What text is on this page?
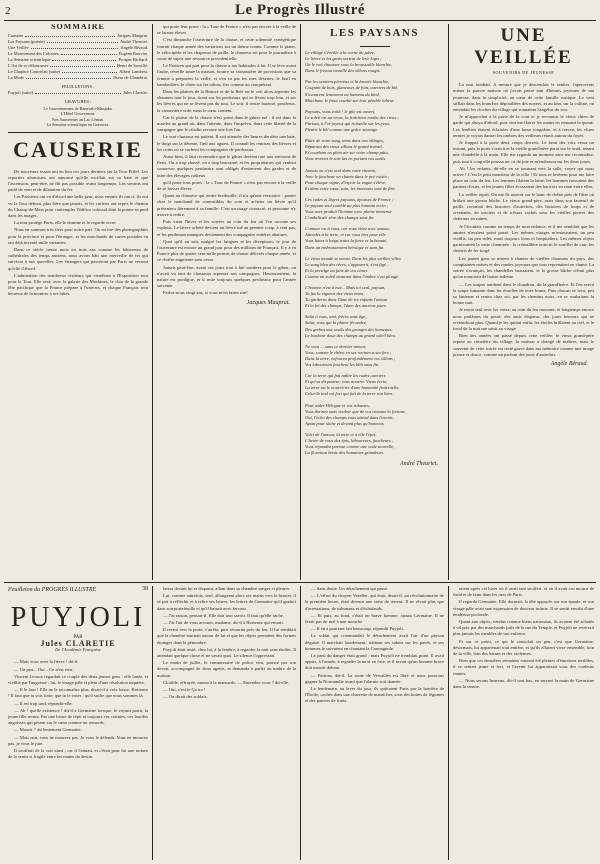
2	Le Progrès Illustré
SOMMAIRE
Causerie	Jacques Mauprat.
Les Paysans (poésie)	André Theuriet.
Une Veillée	Angèle Béraud.
Le Mouvement des Colonies	Eugène Bouvier.
La Semaine scientifique	Prosper Richard.
L'Art de se débarrasser	Henri de Sarville.
Le Chapitre Contrefait (suite)	Albert Landrest.
La Mode	Ilseur de Chambrai.
FEUILLETONS :
Puyjoli (suite)	Jules Claretie.
GRAVURES :
Le Gouvernement de Ranavalo-Manjaka.
L'Hôtel Gouverneur.
Nos Sauveteurs au Lac Léman.
La Semaine scientifique en Gravures.
CAUSERIE

De nouveaux essais ont eu lieu ces jours derniers sur la Tour Eiffel. Les reporters alarmistes ont annoncé qu'elle oscillait sur sa base et que l'ascension, peut-être, ne fût pas possible avant longtemps. Les savants ont parlé de vent et de dilatation du fer.

Les Parisiens ont eu d'abord une belle peur, mais ensuite ils ont ri; ils ont vu la Tour debout, plus fière que jamais, et les curieux ont repris le chemin du Champ-de-Mars pour contempler l'édifice colossal dont la pointe se perd dans les nuages.

La tour protège Paris, elle le domine et le regarde vivre.

Nous en sommes très fiers pour notre part. On en tire des photographies pour la province et pour l'étranger, et les marchands de cartes postales en ont déjà inventé mille variantes.

Dans ce siècle trente mois en trois ans comme les bâtisseurs de cathédrales des temps anciens, nous avons bâti une merveille de fer qui survivra à nos querelles. Les étrangers qui passeront par Paris ne verront qu'elle d'abord.

L'admiration des nombreux visiteurs qui viendront à l'Exposition sera pour la Tour. Elle sera, avec la galerie des Machines, le clou de la grande fête pacifique que la France prépare à l'univers, et chaque Français sera heureux de la montrer à ses hôtes.

qui porte leur poser : la « Tour de France » n'est pas encore à la veille de se laisser élever.

C'est dimanche l'ouverture de la chasse, et cette solennité cynégétique fournit chaque année des variations sur un thème connu. Comme le piano, le vélocipède et les chapeaux de paille, le chasseur est pour le journaliste à court de sujets une ressource providentielle.

Le Parisien qui part pour la chasse a ses habitudes à lui. Il se lève avant l'aube, réveille toute la maison, bourre sa carnassière de provisions que sa femme a préparées la veille, et s'en va par les rues désertes, le fusil en bandoulière, le chien sur les talons, fier comme un conquérant.

Dans les plaines de la Beauce et de la Brie on le voit alors arpenter les chaumes tout le jour, tirant sur les perdreaux qui se lèvent trop loin, et sur les lièvres qui ne se lèvent pas du tout. Le soir, il rentre harassé, poudreux, la carnassière vide, mais le cœur content.

Car le plaisir de la chasse n'est point dans le gibier tué : il est dans la marche au grand air, dans l'attente, dans l'imprévu, dans cette liberté de la campagne que le citadin savoure une fois l'an.

Le vrai chasseur est patient. Il sait attendre des heures derrière une haie, le doigt sur la détente, l'œil aux aguets. Il connaît les remises des lièvres et les coins où se cachent les compagnies de perdreaux.

Aussi bien, il faut reconnaître que le gibier devient rare aux environs de Paris. On a trop chassé, on a trop braconné; et les propriétaires qui veulent conserver quelques perdreaux sont obligés d'entretenir des gardes et de faire des élevages coûteux.

qu'il porte tous poses : la « Tour de France » n'est pas encore à la veille de se laisser élever.

Quant au chasseur qui rentre bredouille, il n'a qu'une ressource : passer chez le marchand de comestibles du coin et acheter un lièvre qu'il présentera fièrement à sa famille. C'est un usage consacré, et personne n'y trouve à redire.

Puis vient l'hiver et les soirées au coin du feu où l'on raconte ses exploits. Le lièvre acheté devient un lièvre tué au premier coup, à cent pas, et les perdreaux manqués deviennent des compagnies entières abattues.

Quoi qu'il en soit, malgré les fatigues et les déceptions, le jour de l'ouverture est encore un grand jour pour des millions de Français. Il y a en France plus de quatre cent mille permis de chasse délivrés chaque année, et ce chiffre augmente sans cesse.

Jamais peut-être, avant ces jours tout à fait sombres pour le gibier, on n'avait vu tant de chasseurs arpenter nos campagnes. Heureusement, la nature est prodigue, et il reste toujours quelques perdreaux pour l'année suivante.

Parlez-nous vingt ans, si vous m'en faites rire!

Jacques Mauprat.
LES PAYSANS
Le village s'éveille à la corne du pâtre,
Le lièvre et les geais sortent de leur logis ;
On le voit chausser sous la broussaille blanchie,
Dans le frisson mouillé des sillons rougis.
Par les sentiers pierreux et la brouée blanchie,
Coupant de bois, glaneuses de foin, ouvriers de blé,
S'avancent lentement au hameau du bled,
Marchant, le front courbé sur leur pénible labeur.
Paysans, vous voilà ! le gîte est ouvert,
Le soleil est au vieux, la fraîcheur tombe des cieux ;
Partout, à l'or joyeux qui ruisselle sur les yeux,
Fleurit le blé comme une grâce sauvage.
Pâtre de votre sang, amis dans nos villages,
Réparant des vieux sillons le grand travail,
Et courbant en plein air sur votre champ pâtu,
Vous revenez le soir las en portant vos outils.
Jamais on n'est seul dans votre chemin,
Avec le faucheur on chante dans le pré voisin ;
Pour chaque vigne, d'espoir la vague s'élève,
Et dans votre cœur, sain, les moissons sont de fête.
Ces rudes et légers paysans, épouses de France ;
Le paysan seul comblé au plus lointain écrin ;
Vous avez produit l'homme avec plaine immense
L'ombilicale sève des champs sans fin.
L'amour est à vous, car vous vivez avec amour,
Attendez à la terre, et car vous êtes pour elle.
Vous luttez à longs traits la force et la beauté,
Dans un embrassement héroïque et sans fin.
Le vieux monde se meurt. Dans les plus vieilles villes
Le sang bleu des rêves, s'appauvrit, s'est figé ;
Et la prestige au faite de ces cimes
Comme un soleil mourant dans l'ombre s'est plongé.
L'homme n'est à eux... Mais toi seul, paysan,
Tu fus la vigueur des vieux murs,
Tu garderas dans l'âme de tes enfants l'amour
Et la foi des champs, l'âme des anciens jours.
Salut à vous, ami, frères sans âge,
Salut, vous qui la plaine fécondez,
Des gerbes aux seuils des granges des hameaux,
Le bonheur doux des champs au grand soleil bleu.
Ne vous ... sans ce dernier amour,
Vous, comme le chêne en ses racines a ses fers ;
Dans la terre, enfoncez profondément vos sillons ;
Vos laboureurs fauchent les blés sans fin.
Car la terre qui fait naître les rudes ouvriers
Et qu'on dit pauvre, vous nourrit. Vieux écrin,
La terre est le nourricier d'une humanité fraternelle,
Celui-là seul est fort qui fait de la terre son bien.
Pour aider Hélogue et vos robustes,
Vous dormez sans vouloir que de vos travaux la fortune,
Oui, l'écho des champs vous attend dans l'avenir,
Ayant pour tâche et devant plus qu'honneur,
Voici de l'amour, la terre et à elle l'épis,
L'heure de vous des épis, laboureurs, faucheurs ;
Vous répandez partout comme une onde nouvelle,
La floraison bénie des humaines grandeurs.
André Theuriet.
UNE VEILLÉE
SOUVENIRS DE JEUNESSE

La nuit tombait. A mesure que je descendais le sentier, l'apercevais mieux la pauvre maison où j'avais passé tant d'heures joyeuses de ma jeunesse, dans la simplicité, au cœur de cette famille rustique. Le vent sifflait dans les branches dépouillées des noyers, et au loin, sur la colline, on entendait les cloches du village qui sonnaient l'angélus du soir.

Je m'approchai à la porte de la cour et je reconnus le vieux chien de garde qui aboya d'abord, puis vint me flairer les mains en remuant la queue. Les fenêtres étaient éclairées d'une lueur rougeâtre, et à travers les vitres ternies je voyais danser les ombres des veilleurs réunis autour du foyer.

Je frappai à la porte deux coups discrets. Le bruit des voix cessa un instant, puis la porte s'ouvrit et la vieille grand'mère parut sur le seuil, tenant une chandelle à la main. Elle me regarda un moment sans me reconnaître, puis tout à coup elle poussa un cri de joie et m'embrassa sur les deux joues.

Ah ! les enfants, dit-elle en se tournant vers la salle, voyez qui nous arrive ! C'est le petit monsieur de la ville ! Et tous se levèrent pour me faire place au coin du feu. Les femmes filaient la laine, les hommes tressaient des paniers d'osier, et les jeunes filles écossaient des haricots en riant entre elles.

La veillée reprit. On me fit asseoir sur le banc de chêne près de l'âtre où brûlait une grosse bûche. Le vieux grand-père, assis dans son fauteuil de paille, racontait des histoires d'autrefois, des histoires de loups et de revenants, de sorciers et de trésors cachés sous les vieilles pierres des châteaux en ruines.

Je l'écoutais comme au temps de mon enfance, et il me semblait que les années n'avaient point passé. Les mêmes visages m'entouraient, un peu vieillis, un peu ridés, mais toujours bons et hospitaliers. Les mêmes objets garnissaient la vaste cheminée : la crémaillère noircie, le soufflet de cuir, les chenets de fer forgé.

Les jeunes gens se mirent à chanter de vieilles chansons du pays, des complaintes naïves et des rondes joyeuses que tous reprenaient en chœur. La soirée s'avançait, les chandelles baissaient, et la grosse bûche n'était plus qu'un monceau de braise ardente.

— Les soupes tombent dans le chaudron, dit la grand'mère. Et l'on servit la soupe fumante dans les écuelles de terre brune. Puis chacun se leva, prit sa lanterne et rentra chez soi, par les chemins noirs, en se souhaitant la bonne nuit.

Je restai seul avec les vieux, au coin du feu mourant, et longtemps encore nous parlâmes du passé, des amis disparus, des jours heureux qui ne reviendront plus. Quand je les quittai enfin, les étoiles brillaient au ciel, et le froid de la nuit me saisit au visage.

Bien des années ont passé depuis cette veillée; le vieux grand-père repose au cimetière du village, la maison a changé de maîtres, mais le souvenir de cette soirée est resté gravé dans ma mémoire comme une image pieuse et douce, comme un parfum des jours d'autrefois.

Angèle Béraud.
Feuilleton du PROGRÈS ILLUSTRÉ	38
PUYJOLI
PAR
Jules CLARETIE
De l'Académie Française

— Mais vous avez la fièvre ! dit-il.

— Un peu... Oui... Ce n'est rien.

Vincent Leroux regardait ce couple des deux jeunes gens : elle fanée, et vieillie par l'angoisse ; lui, le visage pâle et plein d'une résolution inquiète.

— Il le faut ! Elle ne le reconnaîtra plus, disait-il à voix basse. Hortense ! Il faut que tu sois forte, que tu le voies ; qu'il sache que nous sommes là.

— Il est trop tard, répondit-elle.

— Ah ! quelle existence ! dit-il à Germaine lorsque, le voyant partir, la jeune fille rentra. Pas une heure de répit et toujours ces craintes, ces lourdes angoisses qui pèsent sur le cœur comme un remords.

— Mourir ? dit lentement Germaine.

— Mais non, vous ne mourrez pas. Je vous le défends. Vous ne mourrez pas, je vous le jure.

Il souffrait de la voir ainsi ; car il l'aimait, et c'était pour lui une torture de la sentir si fragile entre les mains du destin.

laissa devant lui et disparut, allant dans sa chambre songer et pleurer.

Lui, comme autrefois, seul, allongeant alors ses mains vers le brasier, il se prit à réfléchir et à relire ses lettres, les lettres de Germaine qu'il gardait dans son portefeuille et qu'il baisait avec ferveur.

— J'ai raison, pensait-il. Elle doit tout savoir. Il faut qu'elle sache.

— J'ai l'air de vous accuser, madame, dit-il à Hortense qui entrait.

Il revint vers la porte, s'arrêta, puis retourna près du feu. Il lui semblait que la chambre tournait autour de lui et que les objets prenaient des formes étranges dans la pénombre.

Puyjoli était resté, chez lui, à la fenêtre, à regarder la nuit sans étoiles. Il attendait quelque chose et ne savait quoi. Le silence l'oppressait.

Le matin de juillet, le commissaire de police vint, poussé par son devoir, accompagné de deux agents, et demanda à parler au maître de la maison.

Clotilde, effrayée, monta à la mansarde. — Entendez-vous ? dit-elle.

— Oui, c'est le Ça ira !

— On dirait des soldats.

— Sans doute. Un détachement qui passe.

— L'effroi du citoyen Vezelier, qui était, disait-il, un révolutionnaire de la première heure, était devenu une sorte de terreur. Il ne rêvait plus que d'arrestations, de tribunaux et d'échafauds.

— Et puis, au fond, c'était un brave homme, ajouta Germaine. Il ne ferait pas de mal à une mouche.

— Il en a pourtant fait beaucoup, répondit Puyjoli.

Le soldat qui commandait le détachement avait l'air d'un paysan déguisé. Il marchait lourdement, traînant ses sabots sur les pavés, et ses hommes le suivaient en chantant la Carmagnole.

Le parti du danger était grand ; mais Puyjoli ne tremblait point. Il avait appris, à l'armée, à regarder la mort en face, et il savait qu'un homme brave doit mourir debout.

— Partons, dit-il. La route de Versailles est libre et nous pourrons gagner la Normandie avant que l'alarme soit donnée.

Le lendemain, au lever du jour, ils quittaient Paris par la barrière de l'Étoile, cachés dans une charrette de maraîcher, sous des bottes de légumes et des paniers de fruits.

taient après cet hiver où il avait tant souffert, et où il avait cru mourir de froid et de faim dans les rues de Paris.

Il regarda Germaine. Elle dormait, la tête appuyée sur son épaule, et son visage pâle avait une expression de douceur infinie. Il se sentit envahi d'une tendresse profonde.

Quant aux objets, vendus comme biens nationaux, ils avaient été achetés à vil prix par des marchands juifs de la rue du Temple, et Puyjoli ne reverrait plus jamais les meubles de son enfance.

Et sur ce point, ce qui le consolait un peu, c'est que Germaine, désormais, lui appartenait tout entière, et qu'ils allaient vivre ensemble, loin de la ville, loin des haines et des violences.

Bien que ces dernières semaines eussent été pleines d'émotions terribles, il se sentait jeune et fort, et l'avenir lui apparaissait sous des couleurs riantes.

— Nous serons heureux, dit-il tout bas, en serrant la main de Germaine dans la sienne.
